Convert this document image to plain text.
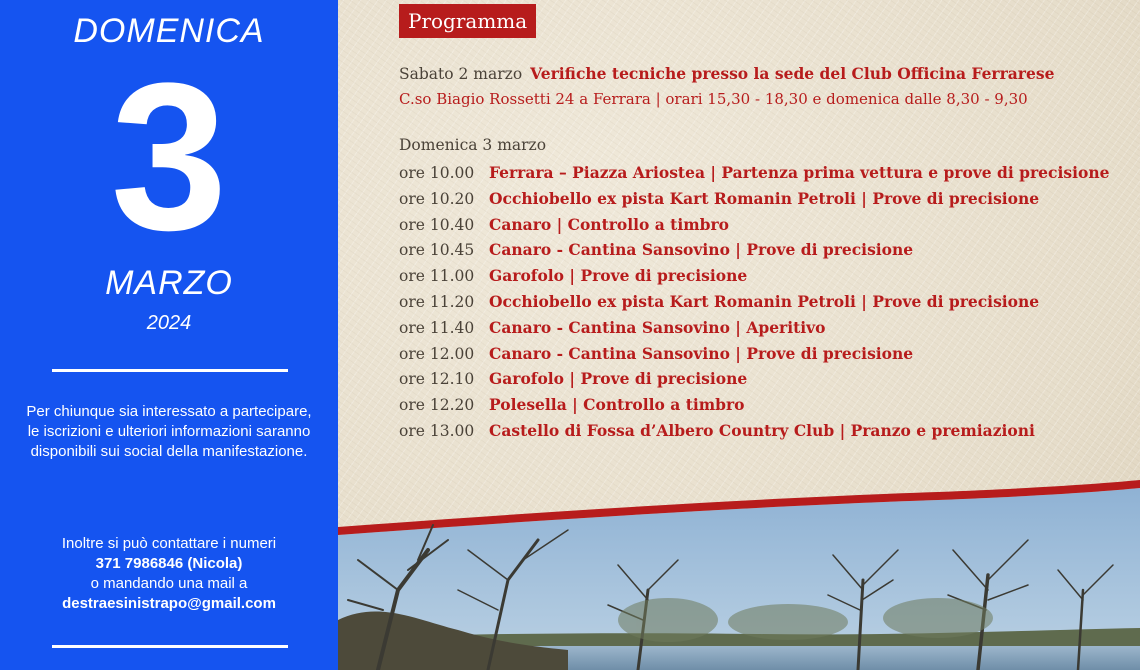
DOMENICA
3
MARZO
2024
Per chiunque sia interessato a partecipare, le iscrizioni e ulteriori informazioni saranno disponibili sui social della manifestazione.
Inoltre si può contattare i numeri
371 7986846 (Nicola)
o mandando una mail a
destraesinistrapo@gmail.com
Programma
Sabato 2 marzo Verifiche tecniche presso la sede del Club Officina Ferrarese
C.so Biagio Rossetti 24 a Ferrara | orari 15,30 - 18,30 e domenica dalle 8,30 - 9,30
Domenica 3 marzo
ore 10.00 Ferrara – Piazza Ariostea | Partenza prima vettura e prove di precisione
ore 10.20 Occhiobello ex pista Kart Romanin Petroli | Prove di precisione
ore 10.40 Canaro | Controllo a timbro
ore 10.45 Canaro - Cantina Sansovino | Prove di precisione
ore 11.00 Garofolo | Prove di precisione
ore 11.20 Occhiobello ex pista Kart Romanin Petroli | Prove di precisione
ore 11.40 Canaro - Cantina Sansovino | Aperitivo
ore 12.00 Canaro - Cantina Sansovino | Prove di precisione
ore 12.10 Garofolo | Prove di precisione
ore 12.20 Polesella | Controllo a timbro
ore 13.00 Castello di Fossa d’Albero Country Club | Pranzo e premiazioni
